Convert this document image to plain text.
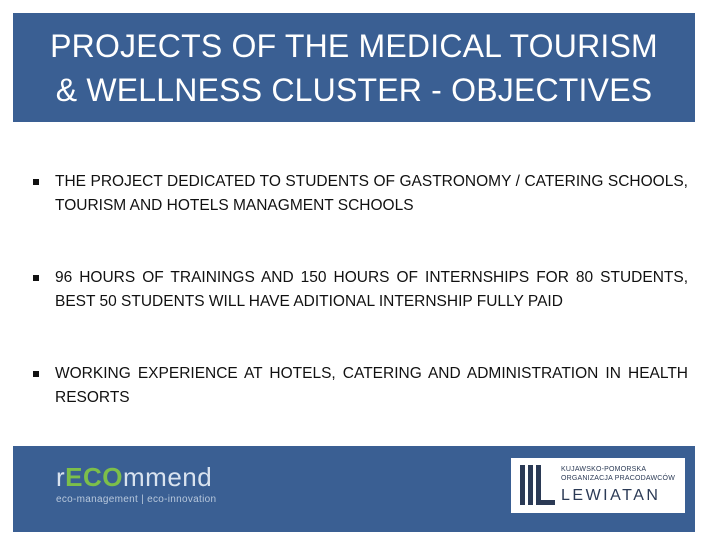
PROJECTS OF THE MEDICAL TOURISM
& WELLNESS CLUSTER - OBJECTIVES
THE PROJECT DEDICATED TO STUDENTS OF GASTRONOMY / CATERING SCHOOLS, TOURISM AND HOTELS MANAGMENT SCHOOLS
96 HOURS OF TRAININGS AND 150 HOURS OF INTERNSHIPS FOR 80 STUDENTS, BEST 50 STUDENTS WILL HAVE ADITIONAL INTERNSHIP FULLY PAID
WORKING EXPERIENCE AT HOTELS, CATERING AND ADMINISTRATION IN HEALTH RESORTS
rECOmmend
eco-management | eco-innovation
KUJAWSKO-POMORSKA
ORGANIZACJA PRACODAWCÓW
LEWIATAN
